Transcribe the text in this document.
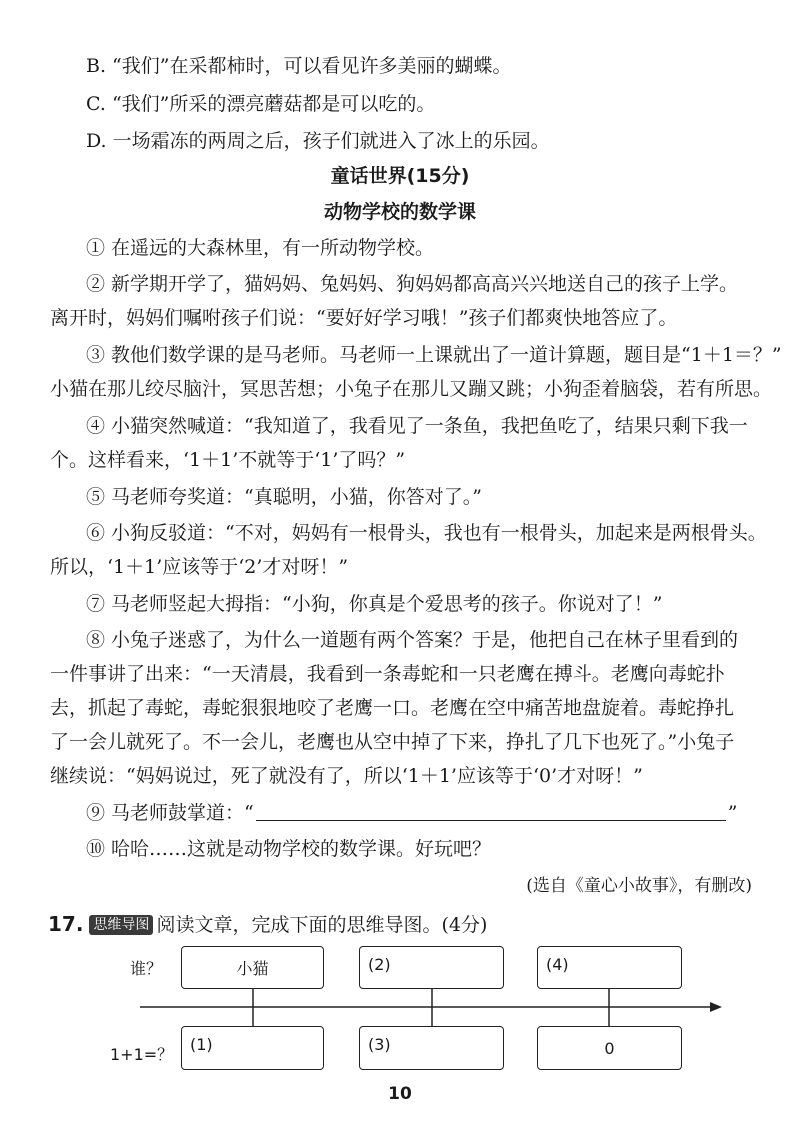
B. “我们”在采都柿时，可以看见许多美丽的蝴蝶。
C. “我们”所采的漂亮蘑菇都是可以吃的。
D. 一场霜冻的两周之后，孩子们就进入了冰上的乐园。
童话世界(15分)
动物学校的数学课
① 在遥远的大森林里，有一所动物学校。
② 新学期开学了，猫妈妈、兔妈妈、狗妈妈都高高兴兴地送自己的孩子上学。
离开时，妈妈们嘱咐孩子们说：“要好好学习哦！”孩子们都爽快地答应了。
③ 教他们数学课的是马老师。马老师一上课就出了一道计算题，题目是“1＋1＝？”
小猫在那儿绞尽脑汁，冥思苦想；小兔子在那儿又蹦又跳；小狗歪着脑袋，若有所思。
④ 小猫突然喊道：“我知道了，我看见了一条鱼，我把鱼吃了，结果只剩下我一
个。这样看来，‘1＋1’不就等于‘1’了吗？”
⑤ 马老师夸奖道：“真聪明，小猫，你答对了。”
⑥ 小狗反驳道：“不对，妈妈有一根骨头，我也有一根骨头，加起来是两根骨头。
所以，‘1＋1’应该等于‘2’才对呀！”
⑦ 马老师竖起大拇指：“小狗，你真是个爱思考的孩子。你说对了！”
⑧ 小兔子迷惑了，为什么一道题有两个答案？于是，他把自己在林子里看到的
一件事讲了出来：“一天清晨，我看到一条毒蛇和一只老鹰在搏斗。老鹰向毒蛇扑
去，抓起了毒蛇，毒蛇狠狠地咬了老鹰一口。老鹰在空中痛苦地盘旋着。毒蛇挣扎
了一会儿就死了。不一会儿，老鹰也从空中掉了下来，挣扎了几下也死了。”小兔子
继续说：“妈妈说过，死了就没有了，所以‘1＋1’应该等于‘0’才对呀！”
⑨ 马老师鼓掌道：“	”
⑩ 哈哈……这就是动物学校的数学课。好玩吧？
(选自《童心小故事》，有删改)
17. 思维导图 阅读文章，完成下面的思维导图。(4分)
谁？
1+1=？
小猫	(2)	(4)
(1)	(3)	0
10
